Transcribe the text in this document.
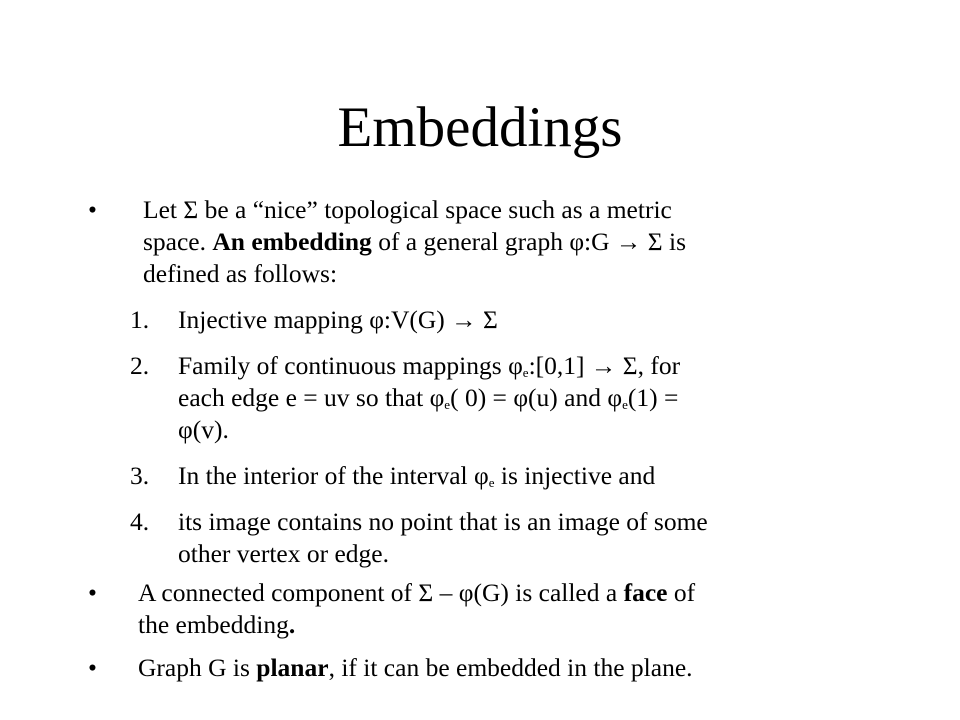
Embeddings
• Let Σ be a “nice” topological space such as a metric
space. An embedding of a general graph φ:G → Σ is
defined as follows:
1. Injective mapping φ:V(G) → Σ
2. Family of continuous mappings $\varphi_e:[0,1] \to \Sigma$, for
each edge e = uv so that $\varphi_e$( 0) = φ(u) and $\varphi_e(1)$ =
φ(v).
3. In the interior of the interval $\varphi_e$ is injective and
4. its image contains no point that is an image of some
other vertex or edge.
• A connected component of Σ – φ(G) is called a face of
the embedding.
• Graph G is planar, if it can be embedded in the plane.
